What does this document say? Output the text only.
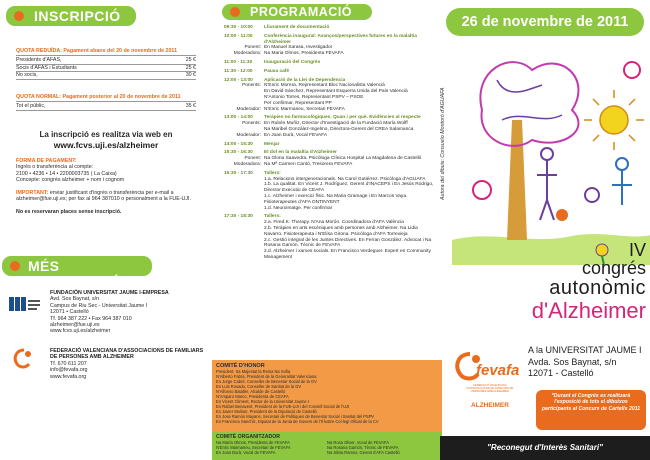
INSCRIPCIÓ
QUOTA REDUÏDA: Pagament abans del 20 de novembre de 2011
Presidents d'AFAS,	25 €
Socis d'AFAS i Estudiants	25 €
No socis,	30 €
QUOTA NORMAL: Pagament posterior al 20 de novembre de 2011
Tot el públic,	35 €
La inscripció es realitza via web en
www.fcvs.uji.es/alzheimer
FORMA DE PAGAMENT:
Ingrés o transferència al compte:
2100 • 4236 • 14 • 2200003735 ( La Caixa)
Concepte: congrés alzheimer + nom i cognom
IMPORTANT: enviar justificant d'ingrés o transferència per e-mail a alzheimer@fue.uji.es; per fax al 964 387010 o personalment a la FUE-UJI.
No es reservaran places sense inscripció.
MÉS INFORMACIÓ
FUNDACIÓN UNIVERSITAT JAUME I-EMPRESA
Avd. Sos Baynat, s/n
Campus de Riu Sec - Universitat Jaume I
12071 • Castelló
Tf. 964 387 222 • Fax 964 387 010
alzheimer@fue.uji.es
www.fcvs.uji.es/alzheimer
FEDERACIÓ VALENCIANA D'ASSOCIACIONS DE FAMILIARS DE PERSONES AMB ALZHEIMER
Tf. 670 611 207
info@fevafa.org
www.fevafa.org
PROGRAMACIÓ
09:30 - 10:00	Lliurament de documentació
10:00 - 11:00	Conferència inaugural: Avanços/perspectives futures en la malaltia d'Alzheimer
Ponent: En Manuel Sarasa, Investigador
Moderadora: Na Maria Olmos, Presidenta FEVAFA
11:00 - 11:30	Inauguració del Congrés
11:30 - 12:00	Pausa café
12:00 - 13:00	Aplicació de la Llei de Dependència
Ponents: N'Enric Morera, Representant Bloc Nacionalista Valencià
En David Sánchez, Representant Esquerra Unida del País Valencià
N'Antonio Torres, Representant PSPV – PSOE
Per confirmar, Representant PP
Moderador: N'Enric Marmaneu, Secretari FEVAFA
13:00 - 14:00	Teràpies no farmacològiques. Quan i per què. Evidències al respecte
Ponents: En Rubén Muñiz, Director d'Investigació de la Fundació María Wolff
Na Maribel González-Ingelmo, Directora-Gerent del CREA Salamanca
Moderador: En Joan Durà, Vocal FEVAFA
14:00 - 15:30	Menjar
15:30 - 16:30	El dol en la malaltia d'Alzheimer
Ponent: Na Gloria Saavedra. Psicòloga Clínica Hospital La Magdalena de Castelló
Moderadora: Na Mª Carmen Cantó, Tresorera FEVAFA
16:30 - 17:30	Tallers:
1.a. Relacions intergeneracionals. Na Carol Gutiérrez. Psicòloga d'AGUAFA
1.b. La qualitat. En Vicent J. Rodríguez, Gerent d'INACEPS i En Jesús Rodrigo, Director Executiu de CEAFA
1.c. Alzheimer i exercici físic. Na Maria Gramage i En Marcos Vaya. Fisioterapeutes d'AFA ONTINYENT
1.d. Neuroimatge. Per confirmar
17:30 - 18:30	Tallers:
2.a. Fired.K. Therapy. N'Ana Morón. Coordinadora d'AFA València
2.b. Teràpies en arts escèniques amb persones amb Alzheimer. Na Lidia Navarro. Fisioterapeuta i N'Elisa Girona. Psicòloga d'AFA Torrevieja
2.c. Gestió integral de les Juntes Directives. En Ferran González. Advocat i Na Rosana Gamón. Tècnic de FEVAFA
2.d. Alzheimer i xarxes socials. En Francisco Verdeguer. Expert en Community Management
COMITÈ D'HONOR
President: Sa Majestat la Reina Na Sofia
N'Alberto Fabra, President de la Generalitat Valenciana
En Jorge Cabré, Conseller de Benestar Social de la GV
En Luis Rosado, Conseller de Sanitat de la GV
N'Alfonso Bataller, Alcalde de Castelló
N'Amparo Marco, Presidenta de CEAFA
En Vicent Climent, Rector de la Universitat Jaume I
En Rafael Benavent, President de la FUE-UJI i del Consell Social de l'UJI
En Javier Moliner, President de la Diputació de Castelló
En Jose Ramón Mayans, Secretari de Polítiques de Benestar Social i Sanitat del PSPV
En Francisco Sanchiz, Diputat de la Junta de Govern de l'Il·lustre Col·legi Oficial de la CV
COMITÈ ORGANITZADOR
Na María Olmos, Presidenta de FEVAFA
N'Enric Marmaneu, Secretari de FEVAFA
En Joan Durà, Vocal de FEVAFA
Na Rosa Oliver, Vocal de FEVAFA
Na Rosana Gamón, Tècnic de FEVAFA
Na Silvia Ramos, Gerent d'AFA Castelló
26 de novembre de 2011
Autora del dibuix: Consuelo Montoró d'AGUAFA
IV
congrés
autonòmic
d'Alzheimer
A la UNIVERSITAT JAUME I
Avda. Sos Baynat, s/n
12071 - Castelló
fevafa
FEDERACIÓ VALENCIANA D'ASSOCIACIONS DE FAMILIARS DE PERSONES AMB ALZHEIMER
ALZHEIMER
*Durant el Congrés es realitzarà l'exposició de tots el dibuixos participants al Concurs de Cartells 2011
"Reconegut d'Interès Sanitari"
